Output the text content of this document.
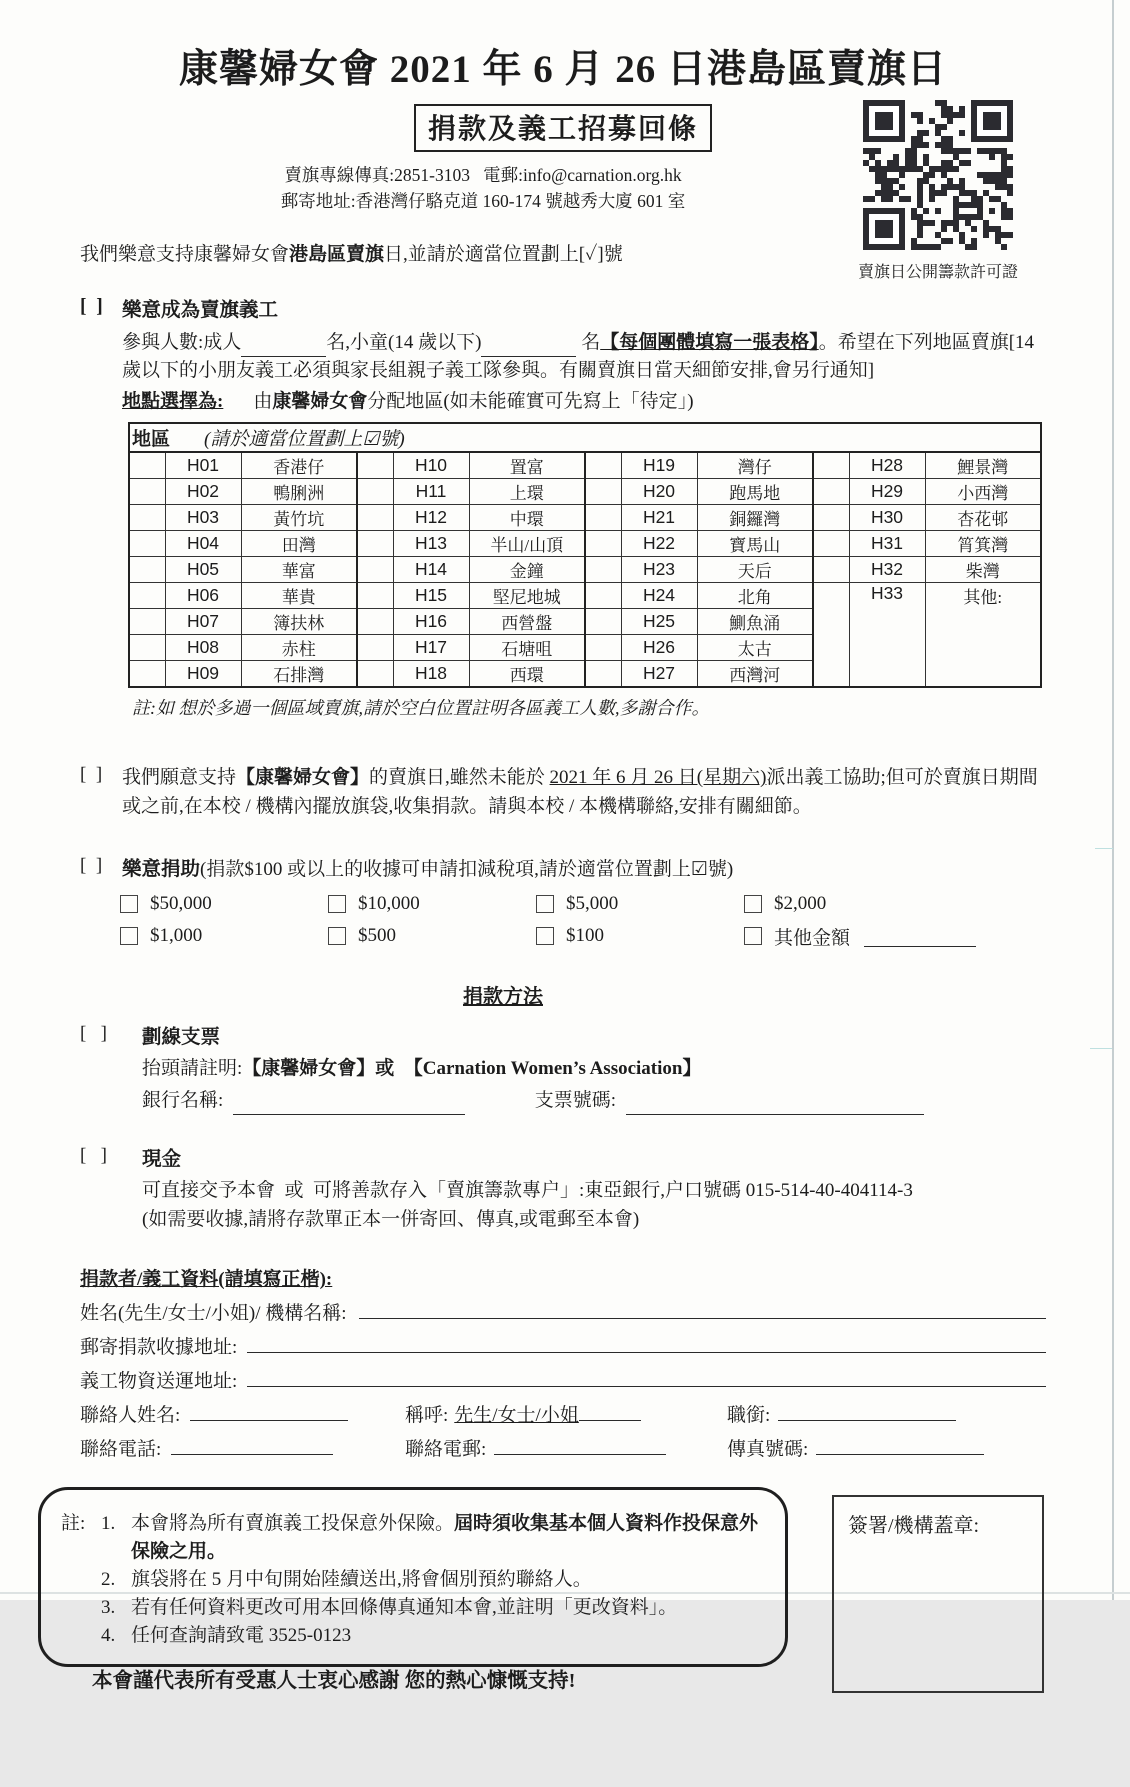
賣旗日公開籌款許可證
康馨婦女會 2021 年 6 月 26 日港島區賣旗日
捐款及義工招募回條
賣旗專線傳真:2851-3103   電郵:info@carnation.org.hk
郵寄地址:香港灣仔駱克道 160-174 號越秀大廈 601 室
我們樂意支持康馨婦女會港島區賣旗日,並請於適當位置劃上[✓]號
[  ] 樂意成為賣旗義工
參與人數:成人	名,小童(14 歲以下)	名【每個團體填寫一張表格】。希望在下列地區賣旗[14 歲以下的小朋友義工必須與家長組親子義工隊參與。有關賣旗日當天細節安排,會另行通知]
地點選擇為: 由康馨婦女會分配地區(如未能確實可先寫上「待定」)
地區 (請於適當位置劃上☑號)											
	H01	香港仔		H10	置富		H19	灣仔		H28	鯉景灣
	H02	鴨脷洲		H11	上環		H20	跑馬地		H29	小西灣
	H03	黃竹坑		H12	中環		H21	銅鑼灣		H30	杏花邨
	H04	田灣		H13	半山/山頂		H22	寶馬山		H31	筲箕灣
	H05	華富		H14	金鐘		H23	天后		H32	柴灣
	H06	華貴		H15	堅尼地城		H24	北角		H33	其他:
	H07	簿扶林		H16	西營盤		H25	鰂魚涌			
	H08	赤柱		H17	石塘咀		H26	太古			
	H09	石排灣		H18	西環		H27	西灣河			
註:如 想於多過一個區域賣旗,請於空白位置註明各區義工人數,多謝合作。
[  ]	我們願意支持【康馨婦女會】的賣旗日,雖然未能於 2021 年 6 月 26 日(星期六)派出義工協助;但可於賣旗日期間或之前,在本校 / 機構內擺放旗袋,收集捐款。請與本校 / 本機構聯絡,安排有關細節。
[  ]	樂意捐助(捐款$100 或以上的收據可申請扣減稅項,請於適當位置劃上☑號)
$50,000	$10,000	$5,000	$2,000
$1,000	$500	$100	其他金額
捐款方法
[   ]	劃線支票
抬頭請註明:【康馨婦女會】或  【Carnation Women’s Association】
銀行名稱:	支票號碼:
[   ]	現金
可直接交予本會  或  可將善款存入「賣旗籌款專户」:東亞銀行,户口號碼 015-514-40-404114-3
(如需要收據,請將存款單正本一併寄回、傳真,或電郵至本會)
捐款者/義工資料(請填寫正楷):
姓名(先生/女士/小姐)/ 機構名稱:
郵寄捐款收據地址:
義工物資送運地址:
聯絡人姓名:	稱呼: 先生/女士/小姐	職銜:
聯絡電話:	聯絡電郵:	傳真號碼:
註: 1. 本會將為所有賣旗義工投保意外保險。屆時須收集基本個人資料作投保意外保險之用。
2. 旗袋將在 5 月中旬開始陸續送出,將會個別預約聯絡人。
3. 若有任何資料更改可用本回條傳真通知本會,並註明「更改資料」。
4. 任何查詢請致電 3525-0123
簽署/機構蓋章:
本會謹代表所有受惠人士衷心感謝 您的熱心慷慨支持!
